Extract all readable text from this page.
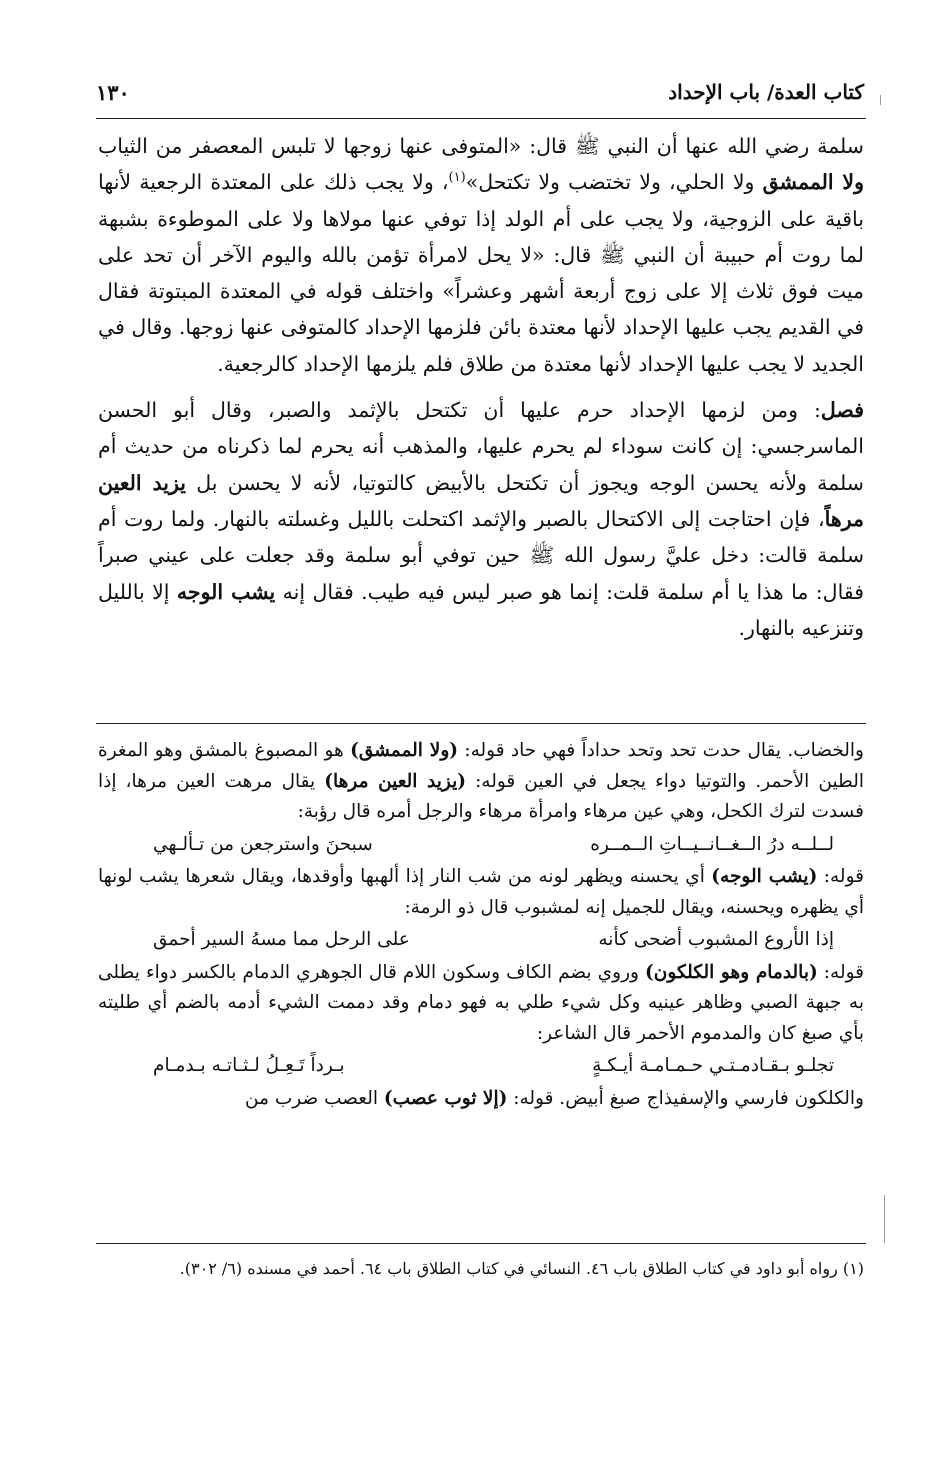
كتاب العدة/ باب الإحداد
١٣٠

سلمة رضي الله عنها أن النبي ﷺ قال: «المتوفى عنها زوجها لا تلبس المعصفر من الثياب ولا الممشق ولا الحلي، ولا تختضب ولا تكتحل»$^{(١)}$، ولا يجب ذلك على المعتدة الرجعية لأنها باقية على الزوجية، ولا يجب على أم الولد إذا توفي عنها مولاها ولا على الموطوءة بشبهة لما روت أم حبيبة أن النبي ﷺ قال: «لا يحل لامرأة تؤمن بالله واليوم الآخر أن تحد على ميت فوق ثلاث إلا على زوج أربعة أشهر وعشراً» واختلف قوله في المعتدة المبتوتة فقال في القديم يجب عليها الإحداد لأنها معتدة بائن فلزمها الإحداد كالمتوفى عنها زوجها. وقال في الجديد لا يجب عليها الإحداد لأنها معتدة من طلاق فلم يلزمها الإحداد كالرجعية.

فصل: ومن لزمها الإحداد حرم عليها أن تكتحل بالإثمد والصبر، وقال أبو الحسن الماسرجسي: إن كانت سوداء لم يحرم عليها، والمذهب أنه يحرم لما ذكرناه من حديث أم سلمة ولأنه يحسن الوجه ويجوز أن تكتحل بالأبيض كالتوتيا، لأنه لا يحسن بل يزيد العين مرهاً، فإن احتاجت إلى الاكتحال بالصبر والإثمد اكتحلت بالليل وغسلته بالنهار. ولما روت أم سلمة قالت: دخل عليَّ رسول الله ﷺ حين توفي أبو سلمة وقد جعلت على عيني صبراً فقال: ما هذا يا أم سلمة قلت: إنما هو صبر ليس فيه طيب. فقال إنه يشب الوجه إلا بالليل وتنزعيه بالنهار.

والخضاب. يقال حدت تحد وتحد حداداً فهي حاد قوله: (ولا الممشق) هو المصبوغ بالمشق وهو المغرة الطين الأحمر. والتوتيا دواء يجعل في العين قوله: (يزيد العين مرها) يقال مرهت العين مرها، إذا فسدت لترك الكحل، وهي عين مرهاء وامرأة مرهاء والرجل أمره قال رؤبة:

لــلــه درُ الــغــانــيــاتِ الــمــره
سبحنَ واسترجعن من تـألـهي

قوله: (يشب الوجه) أي يحسنه ويظهر لونه من شب النار إذا ألهبها وأوقدها، ويقال شعرها يشب لونها أي يظهره ويحسنه، ويقال للجميل إنه لمشبوب قال ذو الرمة:

إذا الأروع المشبوب أضحى كأنه
على الرحل مما مسهُ السير أحمق

قوله: (بالدمام وهو الكلكون) وروي بضم الكاف وسكون اللام قال الجوهري الدمام بالكسر دواء يطلى به جبهة الصبي وظاهر عينيه وكل شيء طلي به فهو دمام وقد دممت الشيء أدمه بالضم أي طليته بأي صبغ كان والمدموم الأحمر قال الشاعر:

تجلـو بـقـادمـتـي حـمـامـة أيـكـةٍ
بـرداً تَـعِـلُ لـثـاتـه بـدمـام

والكلكون فارسي والإسفيذاج صبغ أبيض. قوله: (إلا ثوب عصب) العصب ضرب من

(١) رواه أبو داود في كتاب الطلاق باب ٤٦. النسائي في كتاب الطلاق باب ٦٤. أحمد في مسنده (٦/ ٣٠٢).
